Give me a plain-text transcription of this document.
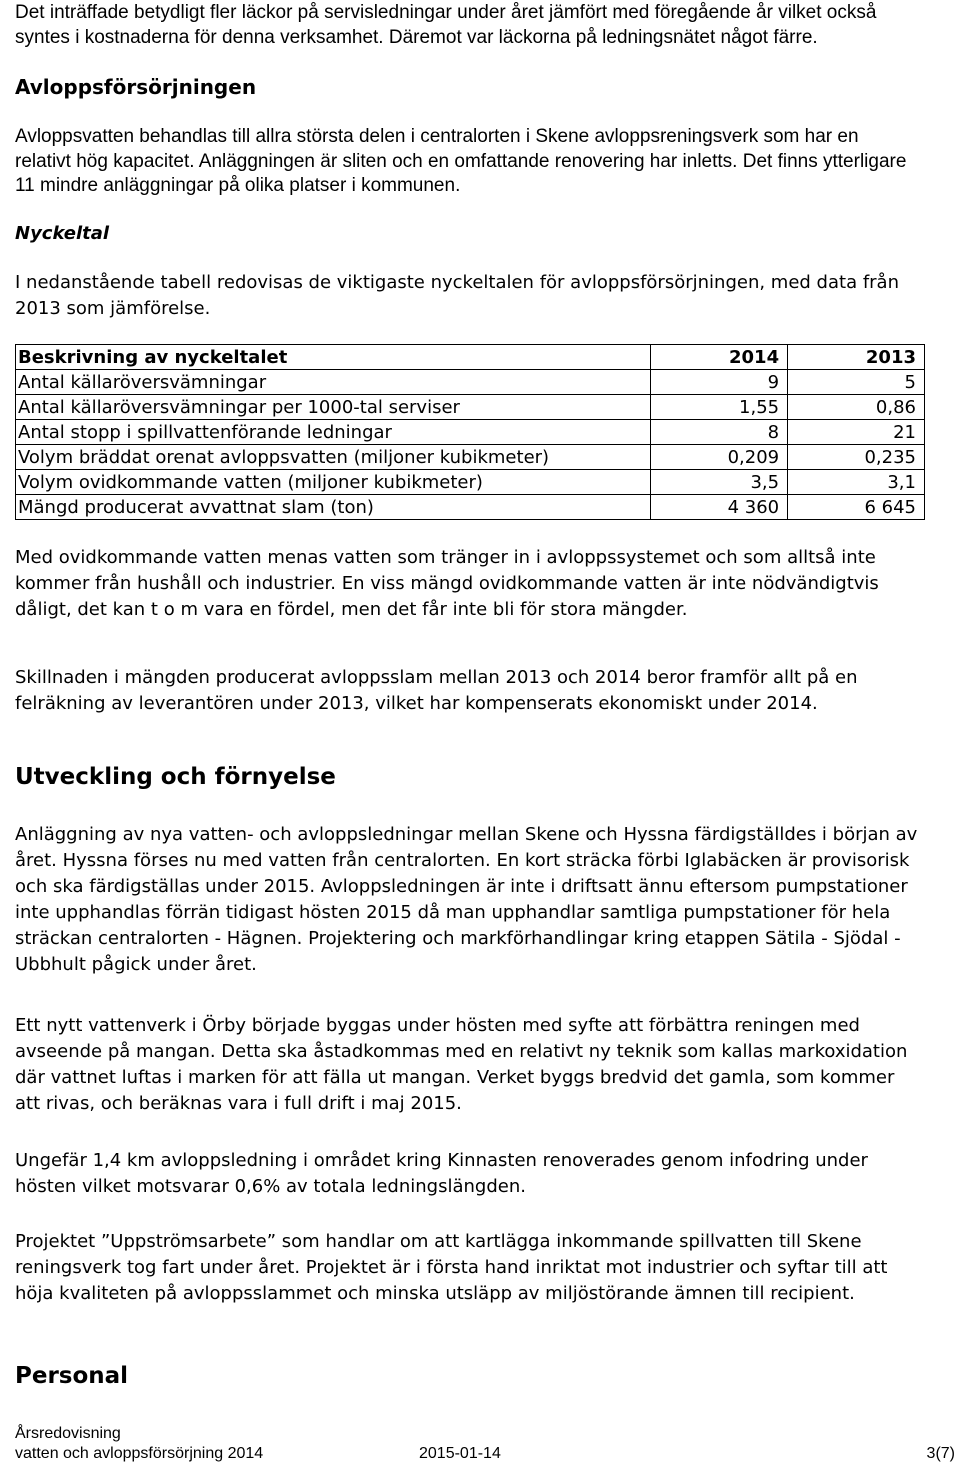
Det inträffade betydligt fler läckor på servisledningar under året jämfört med föregående år vilket också syntes i kostnaderna för denna verksamhet. Däremot var läckorna på ledningsnätet något färre.

Avloppsförsörjningen

Avloppsvatten behandlas till allra största delen i centralorten i Skene avloppsreningsverk som har en relativt hög kapacitet. Anläggningen är sliten och en omfattande renovering har inletts. Det finns ytterligare 11 mindre anläggningar på olika platser i kommunen.

Nyckeltal

I nedanstående tabell redovisas de viktigaste nyckeltalen för avloppsförsörjningen, med data från 2013 som jämförelse.

Beskrivning av nyckeltalet	2014	2013
Antal källaröversvämningar	9	5
Antal källaröversvämningar per 1000-tal serviser	1,55	0,86
Antal stopp i spillvattenförande ledningar	8	21
Volym bräddat orenat avloppsvatten (miljoner kubikmeter)	0,209	0,235
Volym ovidkommande vatten (miljoner kubikmeter)	3,5	3,1
Mängd producerat avvattnat slam (ton)	4 360	6 645

Med ovidkommande vatten menas vatten som tränger in i avloppssystemet och som alltså inte kommer från hushåll och industrier. En viss mängd ovidkommande vatten är inte nödvändigtvis dåligt, det kan t o m vara en fördel, men det får inte bli för stora mängder.

Skillnaden i mängden producerat avloppsslam mellan 2013 och 2014 beror framför allt på en felräkning av leverantören under 2013, vilket har kompenserats ekonomiskt under 2014.

Utveckling och förnyelse

Anläggning av nya vatten- och avloppsledningar mellan Skene och Hyssna färdigställdes i början av året. Hyssna förses nu med vatten från centralorten. En kort sträcka förbi Iglabäcken är provisorisk och ska färdigställas under 2015. Avloppsledningen är inte i driftsatt ännu eftersom pumpstationer inte upphandlas förrän tidigast hösten 2015 då man upphandlar samtliga pumpstationer för hela sträckan centralorten - Hägnen. Projektering och markförhandlingar kring etappen Sätila - Sjödal - Ubbhult pågick under året.

Ett nytt vattenverk i Örby började byggas under hösten med syfte att förbättra reningen med avseende på mangan. Detta ska åstadkommas med en relativt ny teknik som kallas markoxidation där vattnet luftas i marken för att fälla ut mangan. Verket byggs bredvid det gamla, som kommer att rivas, och beräknas vara i full drift i maj 2015.

Ungefär 1,4 km avloppsledning i området kring Kinnasten renoverades genom infodring under hösten vilket motsvarar 0,6% av totala ledningslängden.

Projektet ”Uppströmsarbete” som handlar om att kartlägga inkommande spillvatten till Skene reningsverk tog fart under året. Projektet är i första hand inriktat mot industrier och syftar till att höja kvaliteten på avloppsslammet och minska utsläpp av miljöstörande ämnen till recipient.

Personal
Årsredovisning
vatten och avloppsförsörjning 2014	2015-01-14	3(7)
